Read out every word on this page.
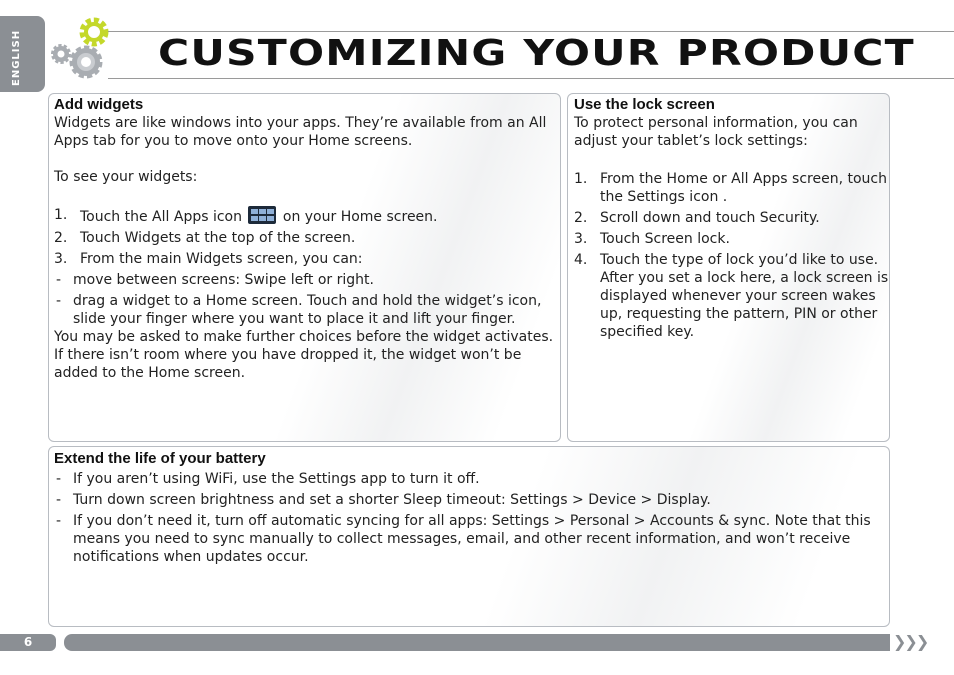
ENGLISH	CUSTOMIZING YOUR PRODUCT
Add widgets

Widgets are like windows into your apps. They’re available from an All Apps tab for you to move onto your Home screens.

To see your widgets:

1. Touch the All Apps icon
on your Home screen.
2. Touch Widgets at the top of the screen.
3. From the main Widgets screen, you can:
- move between screens: Swipe left or right.
- drag a widget to a Home screen. Touch and hold the widget’s icon, slide your finger where you want to place it and lift your finger.

You may be asked to make further choices before the widget activates. If there isn’t room where you have dropped it, the widget won’t be added to the Home screen.

Use the lock screen

To protect personal information, you can adjust your tablet’s lock settings:

1. From the Home or All Apps screen, touch the Settings icon .
2. Scroll down and touch Security.
3. Touch Screen lock.
4. Touch the type of lock you’d like to use. After you set a lock here, a lock screen is displayed whenever your screen wakes up, requesting the pattern, PIN or other specified key.
Extend the life of your battery
- If you aren’t using WiFi, use the Settings app to turn it off.
- Turn down screen brightness and set a shorter Sleep timeout: Settings > Device > Display.
- If you don’t need it, turn off automatic syncing for all apps: Settings > Personal > Accounts & sync. Note that this means you need to sync manually to collect messages, email, and other recent information, and won’t receive notifications when updates occur.
6	❯❯❯
